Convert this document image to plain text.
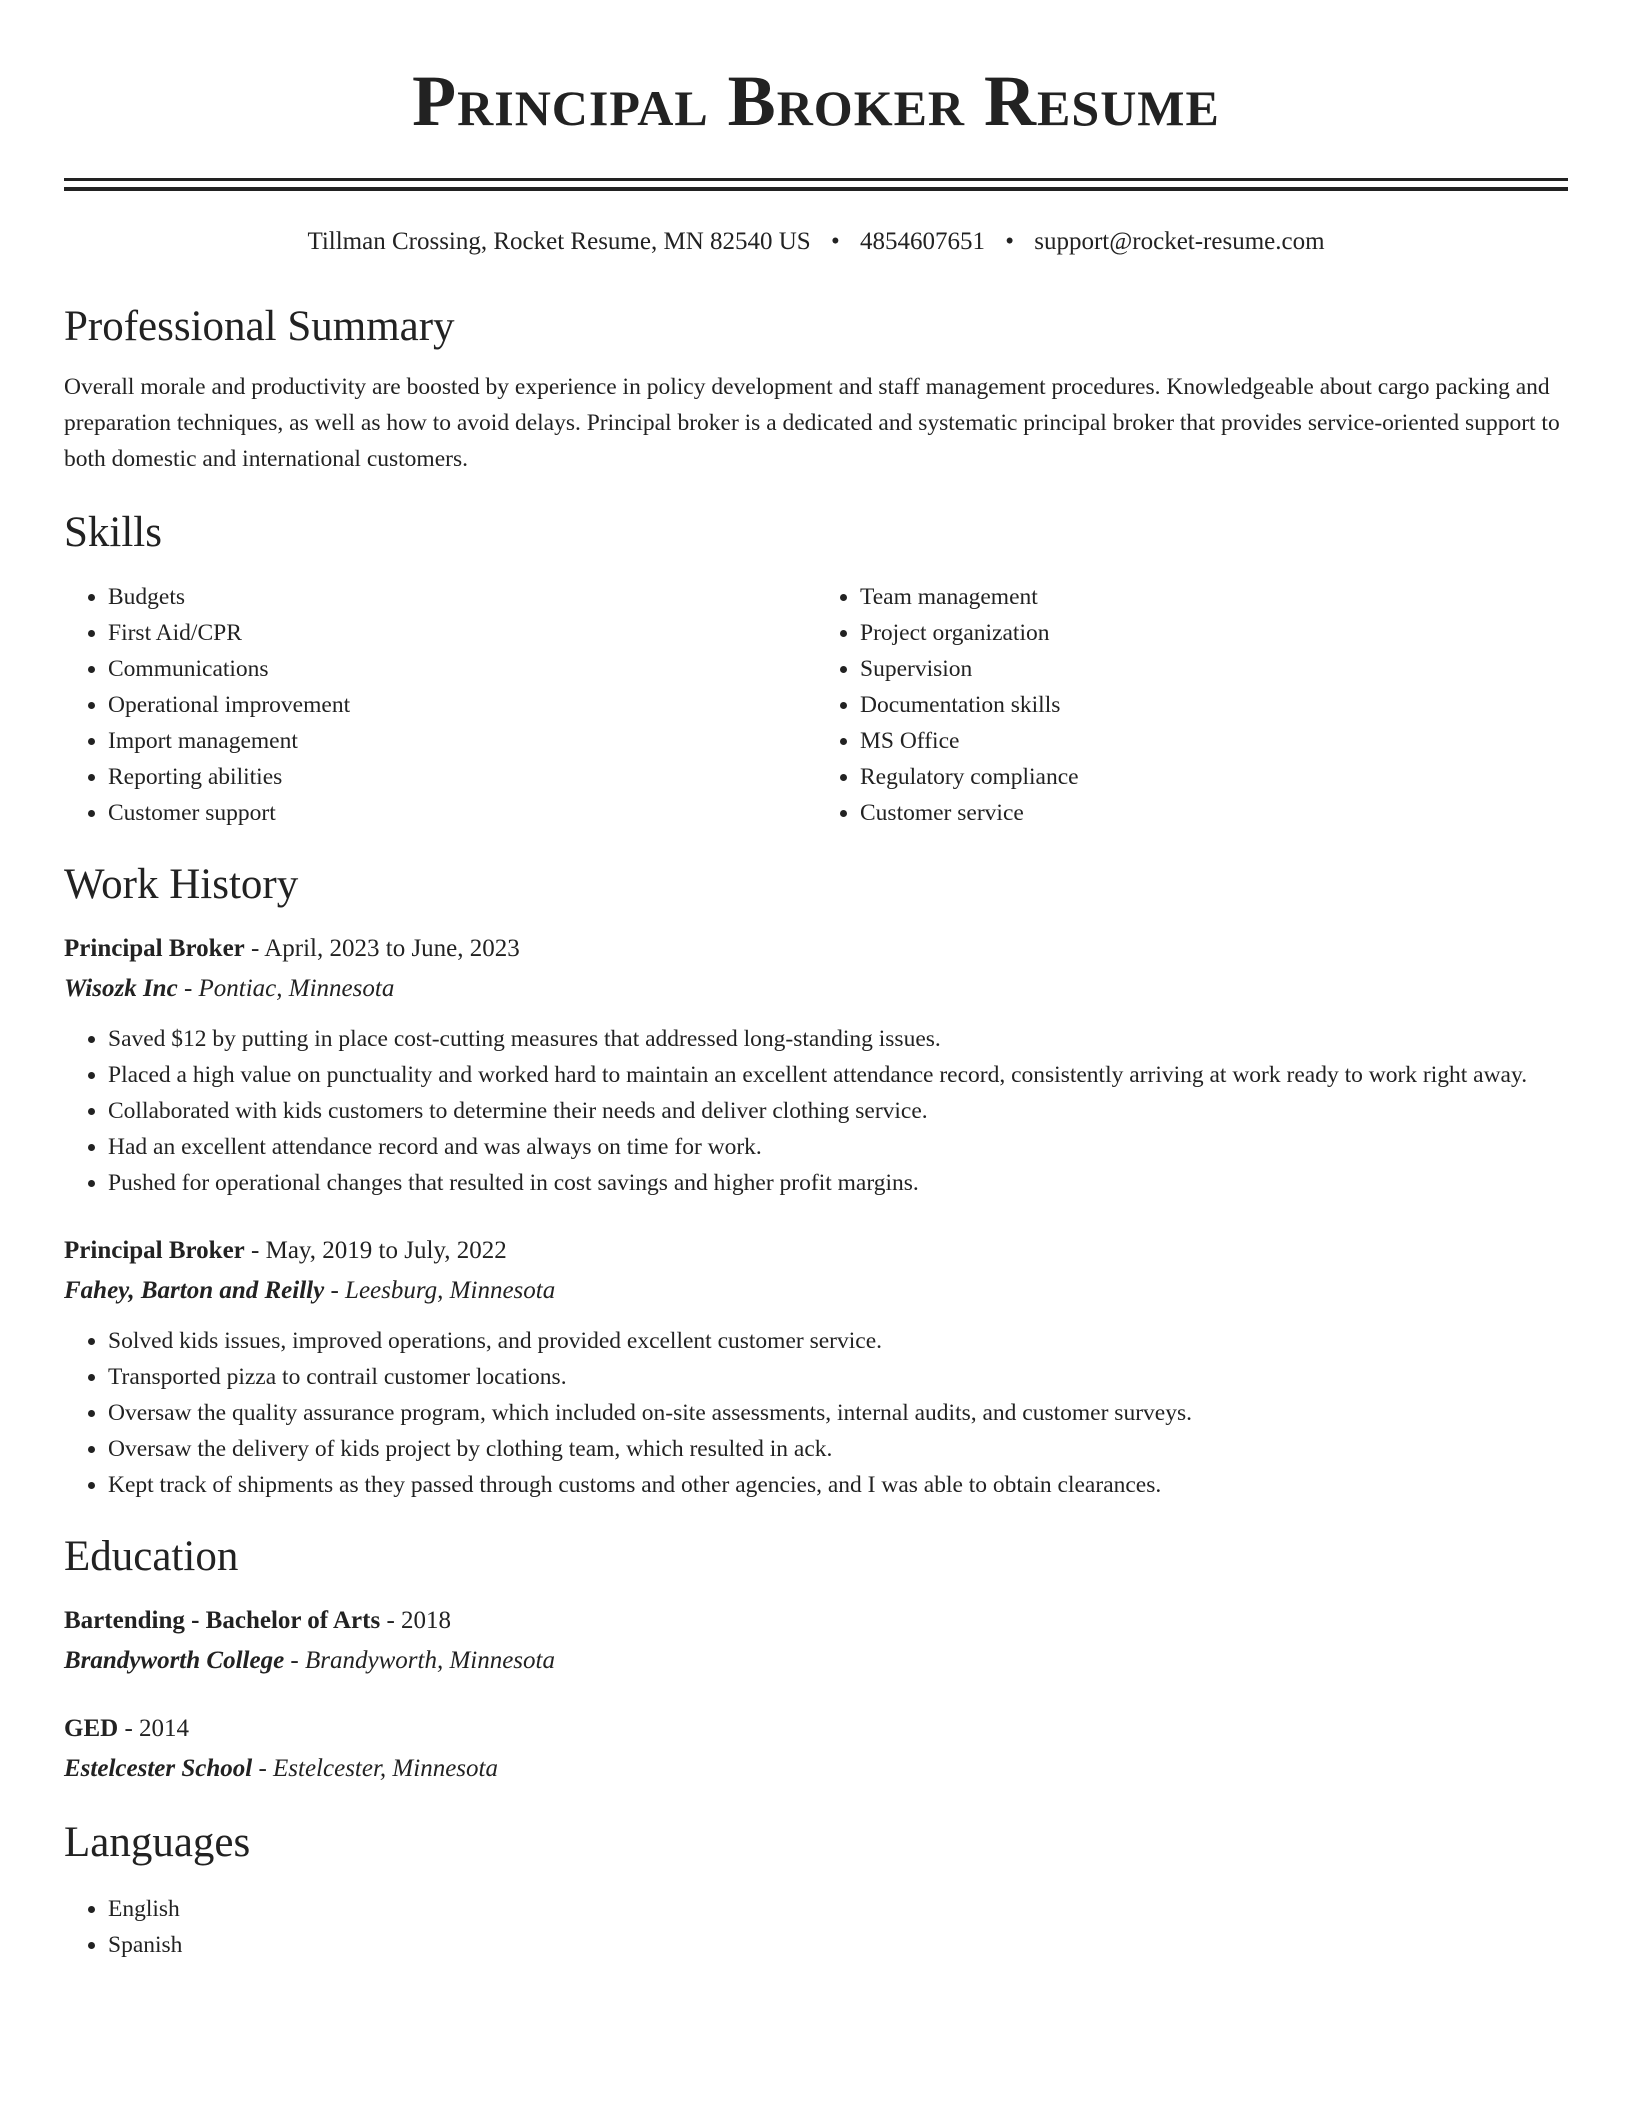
Principal Broker Resume
Tillman Crossing, Rocket Resume, MN 82540 US • 4854607651 • support@rocket-resume.com
Professional Summary

Overall morale and productivity are boosted by experience in policy development and staff management procedures. Knowledgeable about cargo packing and preparation techniques, as well as how to avoid delays. Principal broker is a dedicated and systematic principal broker that provides service-oriented support to both domestic and international customers.

Skills
• Budgets
• First Aid/CPR
• Communications
• Operational improvement
• Import management
• Reporting abilities
• Customer support
• Team management
• Project organization
• Supervision
• Documentation skills
• MS Office
• Regulatory compliance
• Customer service
Work History
Principal Broker - April, 2023 to June, 2023
Wisozk Inc - Pontiac, Minnesota
• Saved $12 by putting in place cost-cutting measures that addressed long-standing issues.
• Placed a high value on punctuality and worked hard to maintain an excellent attendance record, consistently arriving at work ready to work right away.
• Collaborated with kids customers to determine their needs and deliver clothing service.
• Had an excellent attendance record and was always on time for work.
• Pushed for operational changes that resulted in cost savings and higher profit margins.
Principal Broker - May, 2019 to July, 2022
Fahey, Barton and Reilly - Leesburg, Minnesota
• Solved kids issues, improved operations, and provided excellent customer service.
• Transported pizza to contrail customer locations.
• Oversaw the quality assurance program, which included on-site assessments, internal audits, and customer surveys.
• Oversaw the delivery of kids project by clothing team, which resulted in ack.
• Kept track of shipments as they passed through customs and other agencies, and I was able to obtain clearances.
Education
Bartending - Bachelor of Arts - 2018
Brandyworth College - Brandyworth, Minnesota
GED - 2014
Estelcester School - Estelcester, Minnesota
Languages
• English
• Spanish
